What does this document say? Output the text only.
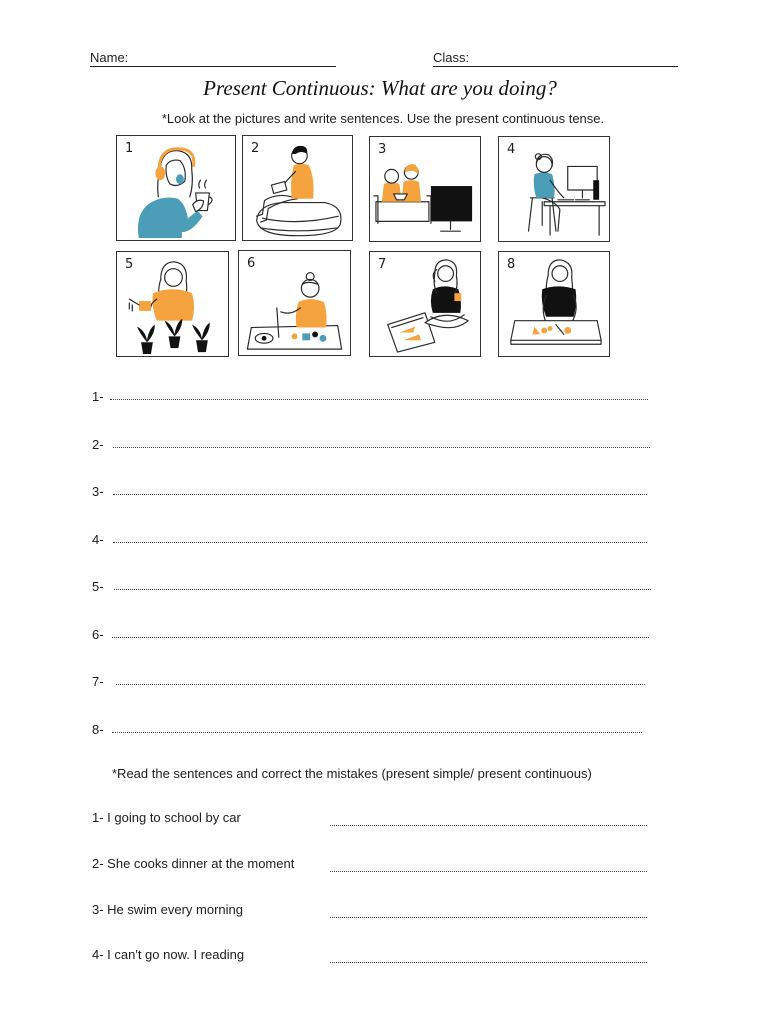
Name:	Class:
Present Continuous: What are you doing?
*Look at the pictures and write sentences. Use the present continuous tense.
1	2	3	4
5	6	7	8
1-
2-
3-
4-
5-
6-
7-
8-
*Read the sentences and correct the mistakes (present simple/ present continuous)
1- I going to school by car
2- She cooks dinner at the moment
3- He swim every morning
4- I can't go now. I reading
